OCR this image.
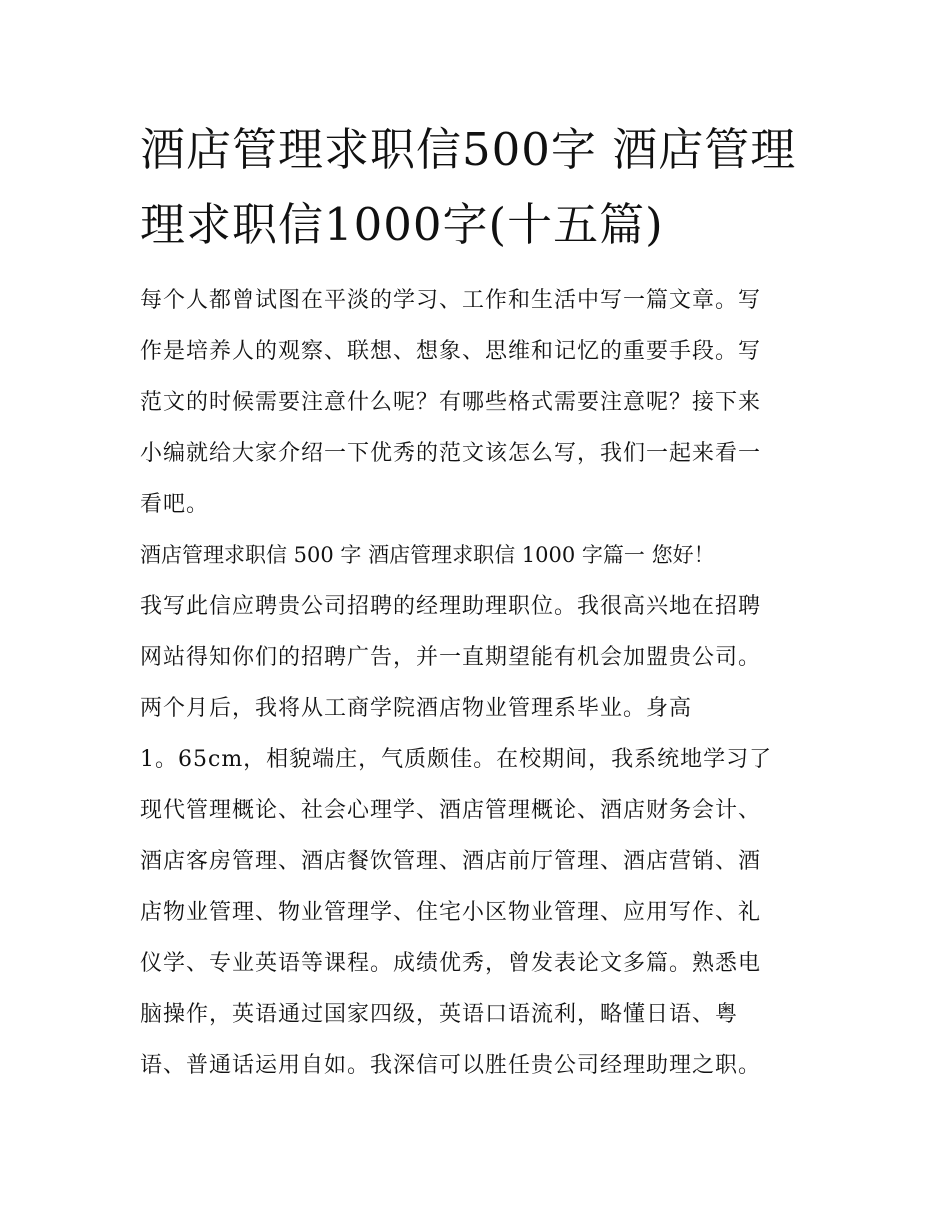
酒店管理求职信500字 酒店管理
理求职信1000字(十五篇)

每个人都曾试图在平淡的学习、工作和生活中写一篇文章。写
作是培养人的观察、联想、想象、思维和记忆的重要手段。写
范文的时候需要注意什么呢？有哪些格式需要注意呢？接下来
小编就给大家介绍一下优秀的范文该怎么写，我们一起来看一
看吧。

酒店管理求职信 500 字 酒店管理求职信 1000 字篇一 您好！

我写此信应聘贵公司招聘的经理助理职位。我很高兴地在招聘
网站得知你们的招聘广告，并一直期望能有机会加盟贵公司。
两个月后，我将从工商学院酒店物业管理系毕业。身高
1。65cm，相貌端庄，气质颇佳。在校期间，我系统地学习了
现代管理概论、社会心理学、酒店管理概论、酒店财务会计、
酒店客房管理、酒店餐饮管理、酒店前厅管理、酒店营销、酒
店物业管理、物业管理学、住宅小区物业管理、应用写作、礼
仪学、专业英语等课程。成绩优秀，曾发表论文多篇。熟悉电
脑操作，英语通过国家四级，英语口语流利，略懂日语、粤
语、普通话运用自如。我深信可以胜任贵公司经理助理之职。
